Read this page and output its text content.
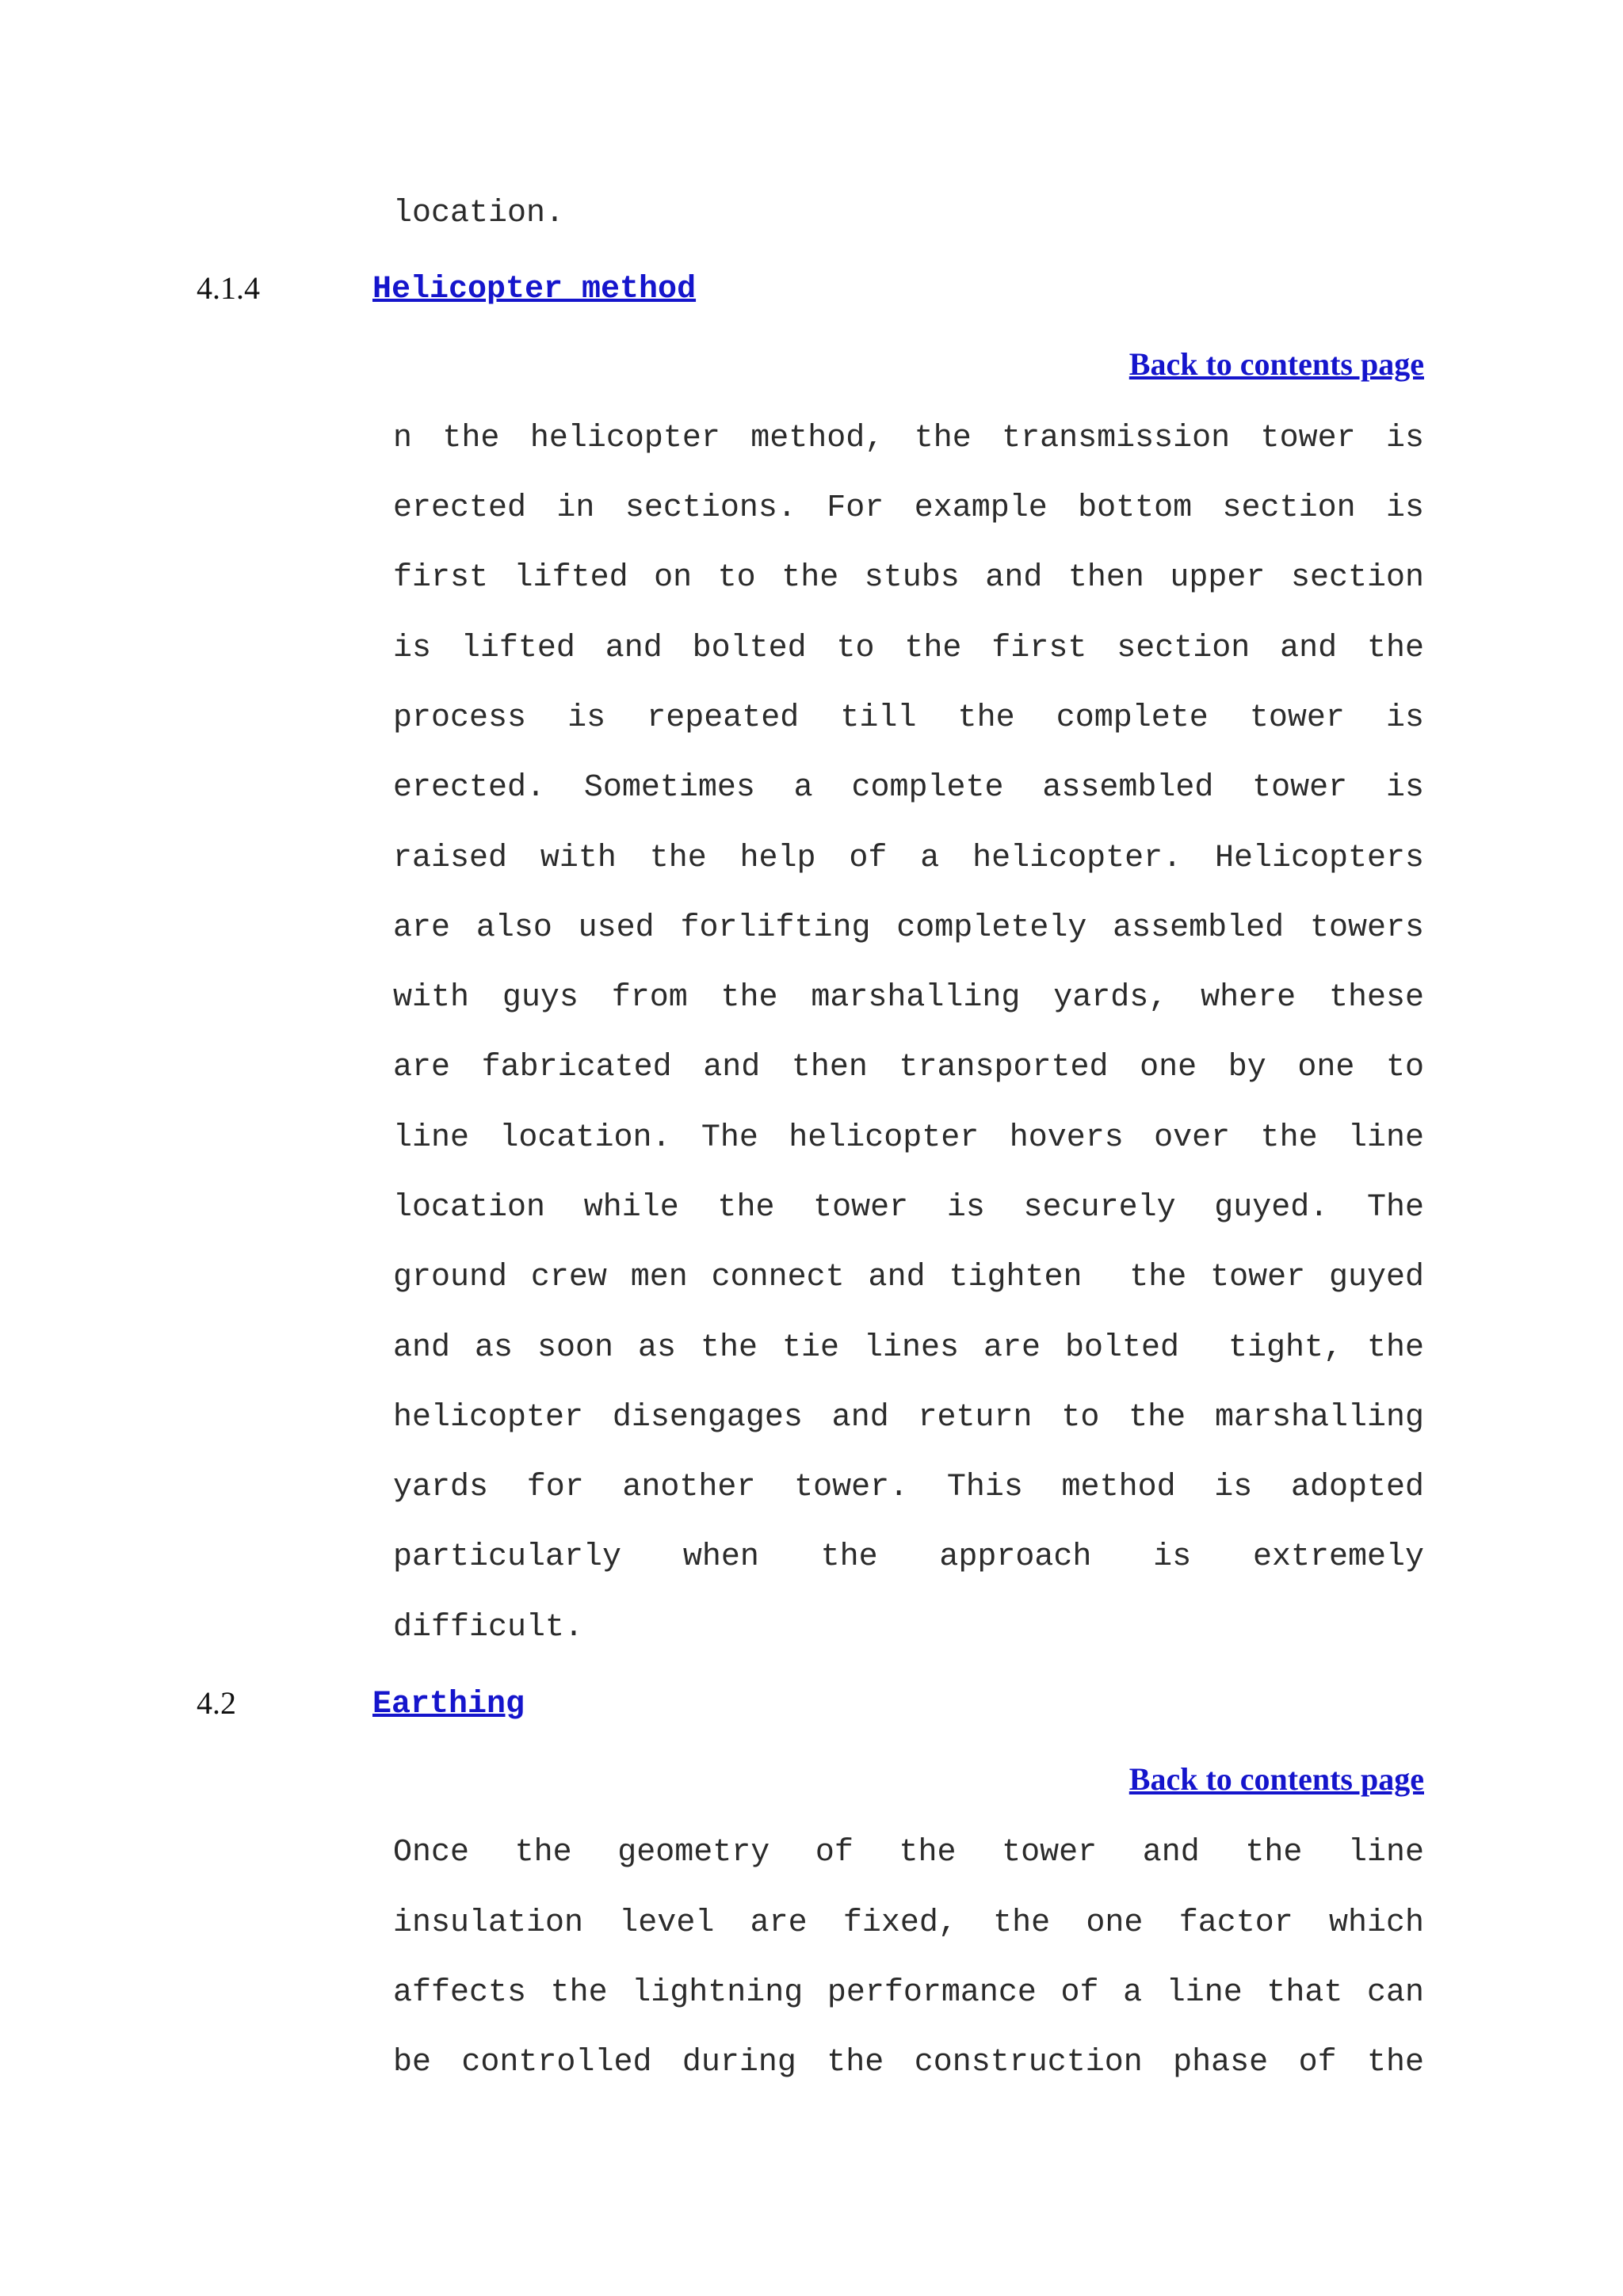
location.
4.1.4	Helicopter method
Back to contents page
n the helicopter method, the transmission tower is
erected in sections. For example bottom section is
first lifted on to the stubs and then upper section
is lifted and bolted to the first section and the
process is repeated till the complete tower is
erected. Sometimes a complete assembled tower is
raised with the help of a helicopter. Helicopters
are also used forlifting completely assembled towers
with guys from the marshalling yards, where these
are fabricated and then transported one by one to
line location. The helicopter hovers over the line
location while the tower is securely guyed. The
ground crew men connect and tighten  the tower guyed
and as soon as the tie lines are bolted  tight, the
helicopter disengages and return to the marshalling
yards for another tower. This method is adopted
particularly when the approach is extremely
difficult.
4.2	Earthing
Back to contents page
Once the geometry of the tower and the line
insulation level are fixed, the one factor which
affects the lightning performance of a line that can
be controlled during the construction phase of the
